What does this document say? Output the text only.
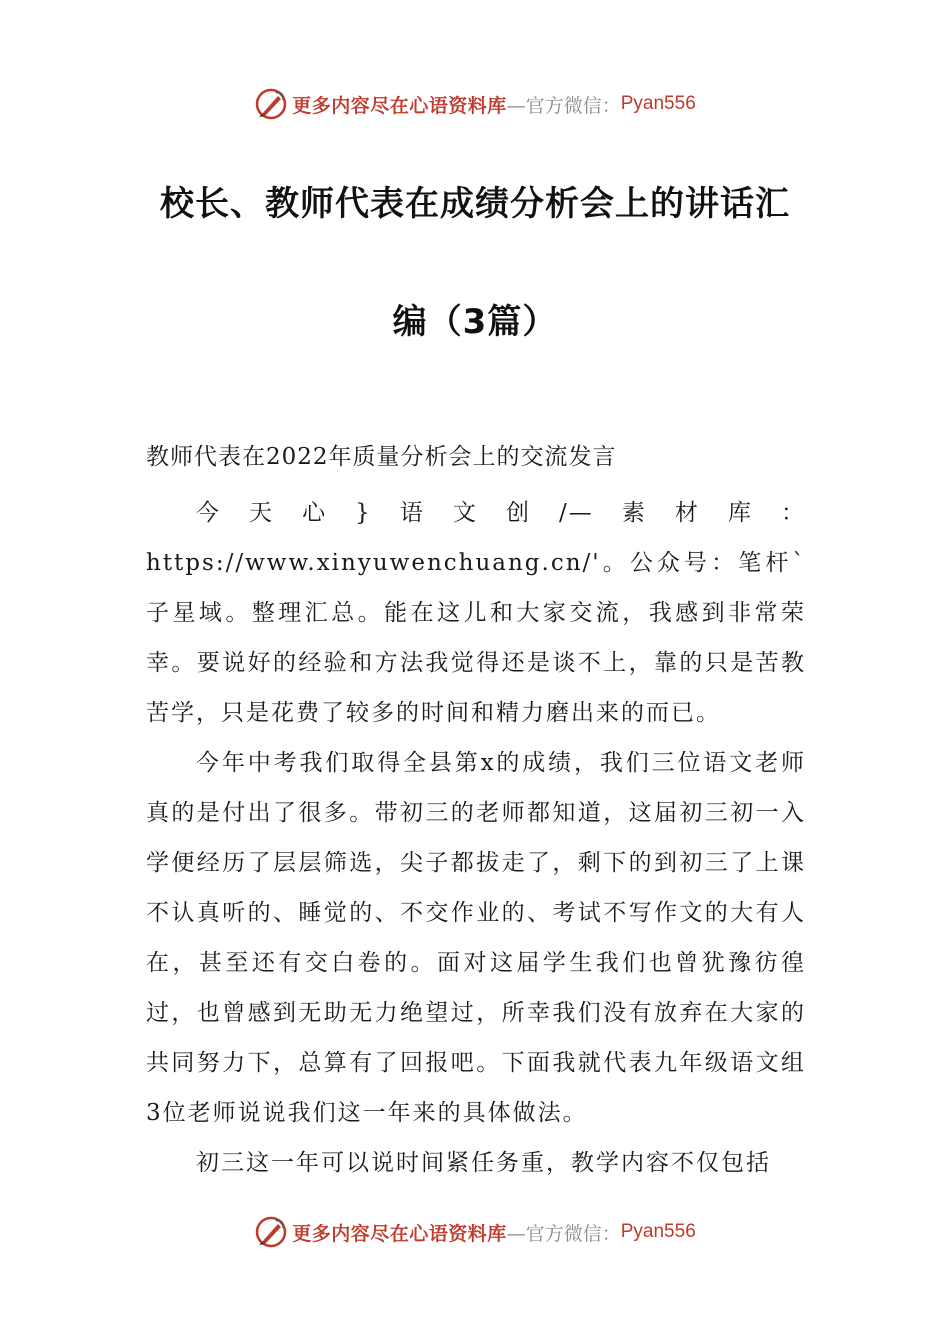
更多内容尽在心语资料库 —官方微信： Pyan556
校长、教师代表在成绩分析会上的讲话汇
编（3篇）

教师代表在2022年质量分析会上的交流发言

今天心}语文创/—素材库：https://www.xinyuwenchuang.cn/'。公众号：笔杆`子星域。整理汇总。能在这儿和大家交流，我感到非常荣幸。要说好的经验和方法我觉得还是谈不上，靠的只是苦教苦学，只是花费了较多的时间和精力磨出来的而已。

今年中考我们取得全县第x的成绩，我们三位语文老师真的是付出了很多。带初三的老师都知道，这届初三初一入学便经历了层层筛选，尖子都拔走了，剩下的到初三了上课不认真听的、睡觉的、不交作业的、考试不写作文的大有人在，甚至还有交白卷的。面对这届学生我们也曾犹豫彷徨过，也曾感到无助无力绝望过，所幸我们没有放弃在大家的共同努力下，总算有了回报吧。下面我就代表九年级语文组3位老师说说我们这一年来的具体做法。

初三这一年可以说时间紧任务重，教学内容不仅包括

更多内容尽在心语资料库 —官方微信： Pyan556
